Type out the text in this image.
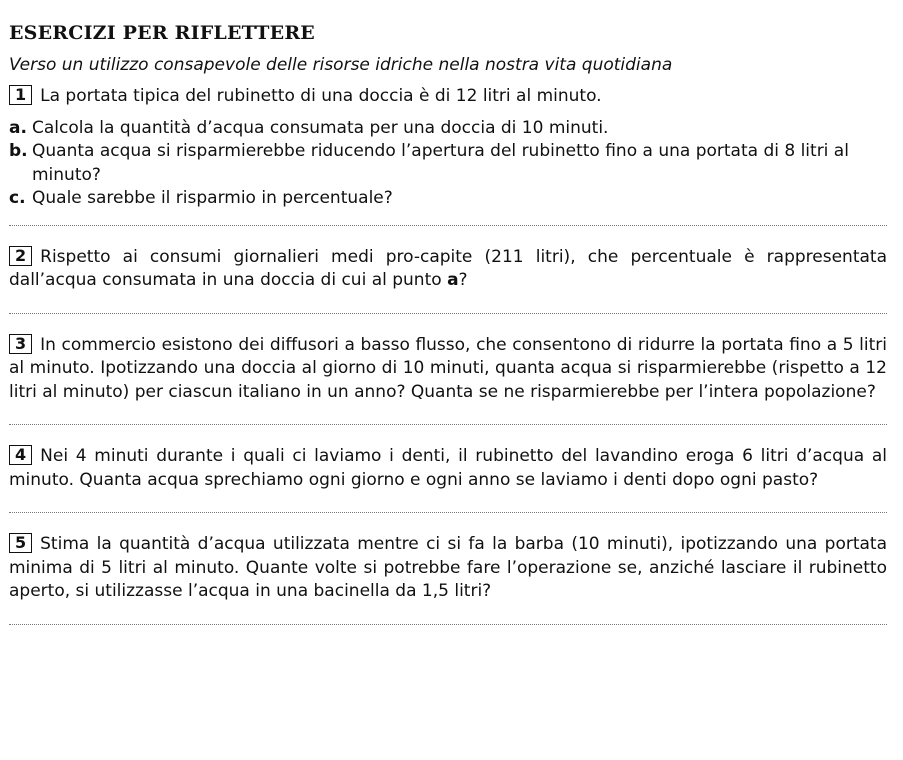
ESERCIZI PER RIFLETTERE
Verso un utilizzo consapevole delle risorse idriche nella nostra vita quotidiana
1 La portata tipica del rubinetto di una doccia è di 12 litri al minuto.
a. Calcola la quantità d’acqua consumata per una doccia di 10 minuti.
b. Quanta acqua si risparmierebbe riducendo l’apertura del rubinetto fino a una portata di 8 litri al minuto?
c. Quale sarebbe il risparmio in percentuale?
2 Rispetto ai consumi giornalieri medi pro-capite (211 litri), che percentuale è rappresentata dall’acqua consumata in una doccia di cui al punto a?
3 In commercio esistono dei diffusori a basso flusso, che consentono di ridurre la portata fino a 5 litri al minuto. Ipotizzando una doccia al giorno di 10 minuti, quanta acqua si risparmierebbe (rispetto a 12 litri al minuto) per ciascun italiano in un anno? Quanta se ne risparmierebbe per l’intera popolazione?
4 Nei 4 minuti durante i quali ci laviamo i denti, il rubinetto del lavandino eroga 6 litri d’acqua al minuto. Quanta acqua sprechiamo ogni giorno e ogni anno se laviamo i denti dopo ogni pasto?
5 Stima la quantità d’acqua utilizzata mentre ci si fa la barba (10 minuti), ipotizzando una portata minima di 5 litri al minuto. Quante volte si potrebbe fare l’operazione se, anziché lasciare il rubinetto aperto, si utilizzasse l’acqua in una bacinella da 1,5 litri?
